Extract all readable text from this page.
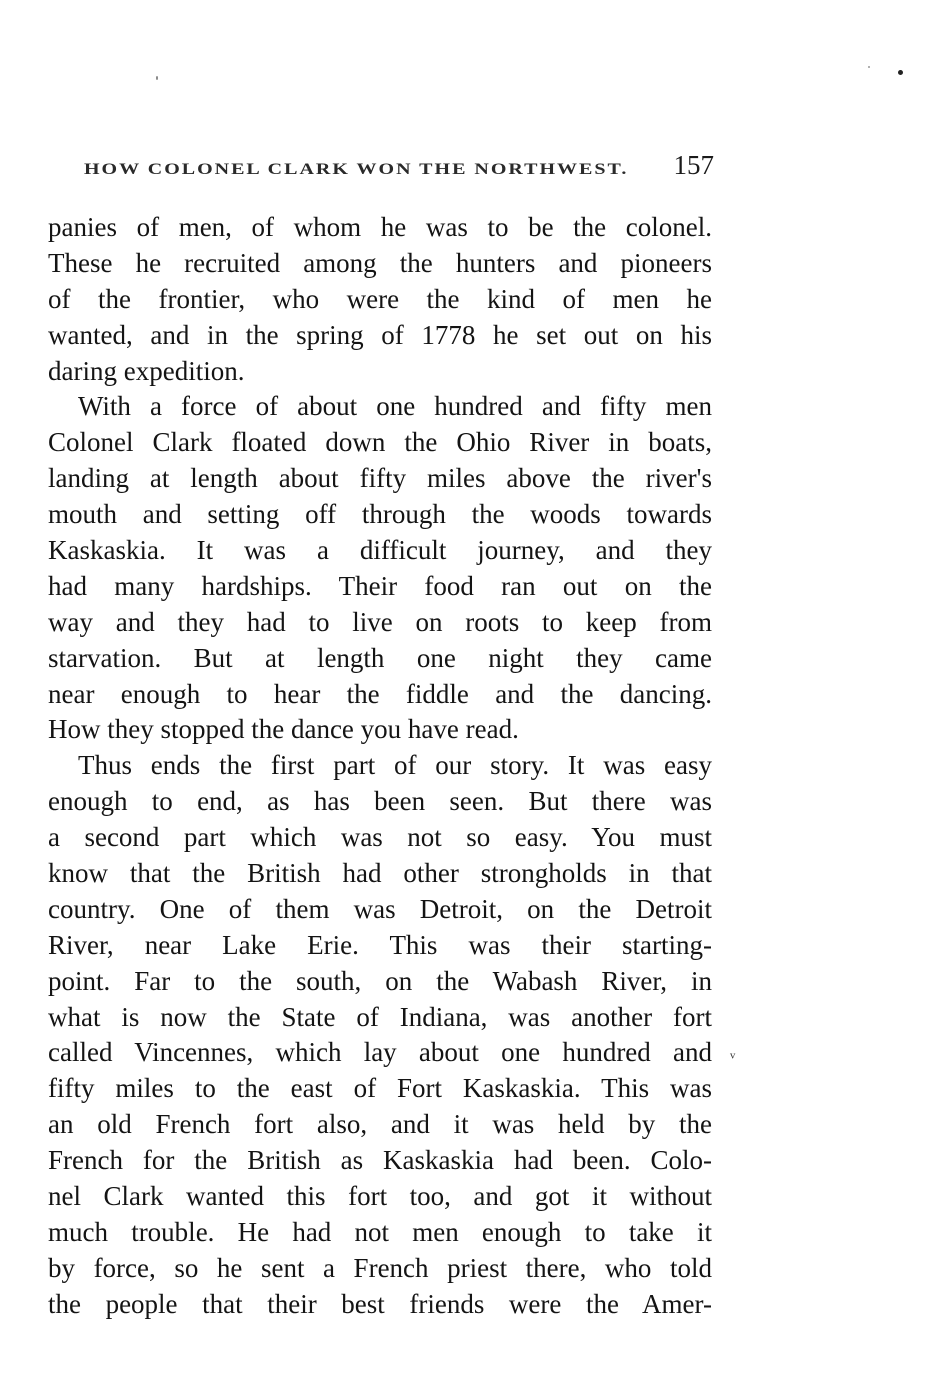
ᵥ
HOW COLONEL CLARK WON THE NORTHWEST. 157
panies of men, of whom he was to be the colonel.
These he recruited among the hunters and pioneers
of the frontier, who were the kind of men he
wanted, and in the spring of 1778 he set out on his
daring expedition.
With a force of about one hundred and fifty men
Colonel Clark floated down the Ohio River in boats,
landing at length about fifty miles above the river's
mouth and setting off through the woods towards
Kaskaskia. It was a difficult journey, and they
had many hardships. Their food ran out on the
way and they had to live on roots to keep from
starvation. But at length one night they came
near enough to hear the fiddle and the dancing.
How they stopped the dance you have read.
Thus ends the first part of our story. It was easy
enough to end, as has been seen. But there was
a second part which was not so easy. You must
know that the British had other strongholds in that
country. One of them was Detroit, on the Detroit
River, near Lake Erie. This was their starting-
point. Far to the south, on the Wabash River, in
what is now the State of Indiana, was another fort
called Vincennes, which lay about one hundred and
fifty miles to the east of Fort Kaskaskia. This was
an old French fort also, and it was held by the
French for the British as Kaskaskia had been. Colo-
nel Clark wanted this fort too, and got it without
much trouble. He had not men enough to take it
by force, so he sent a French priest there, who told
the people that their best friends were the Amer-
